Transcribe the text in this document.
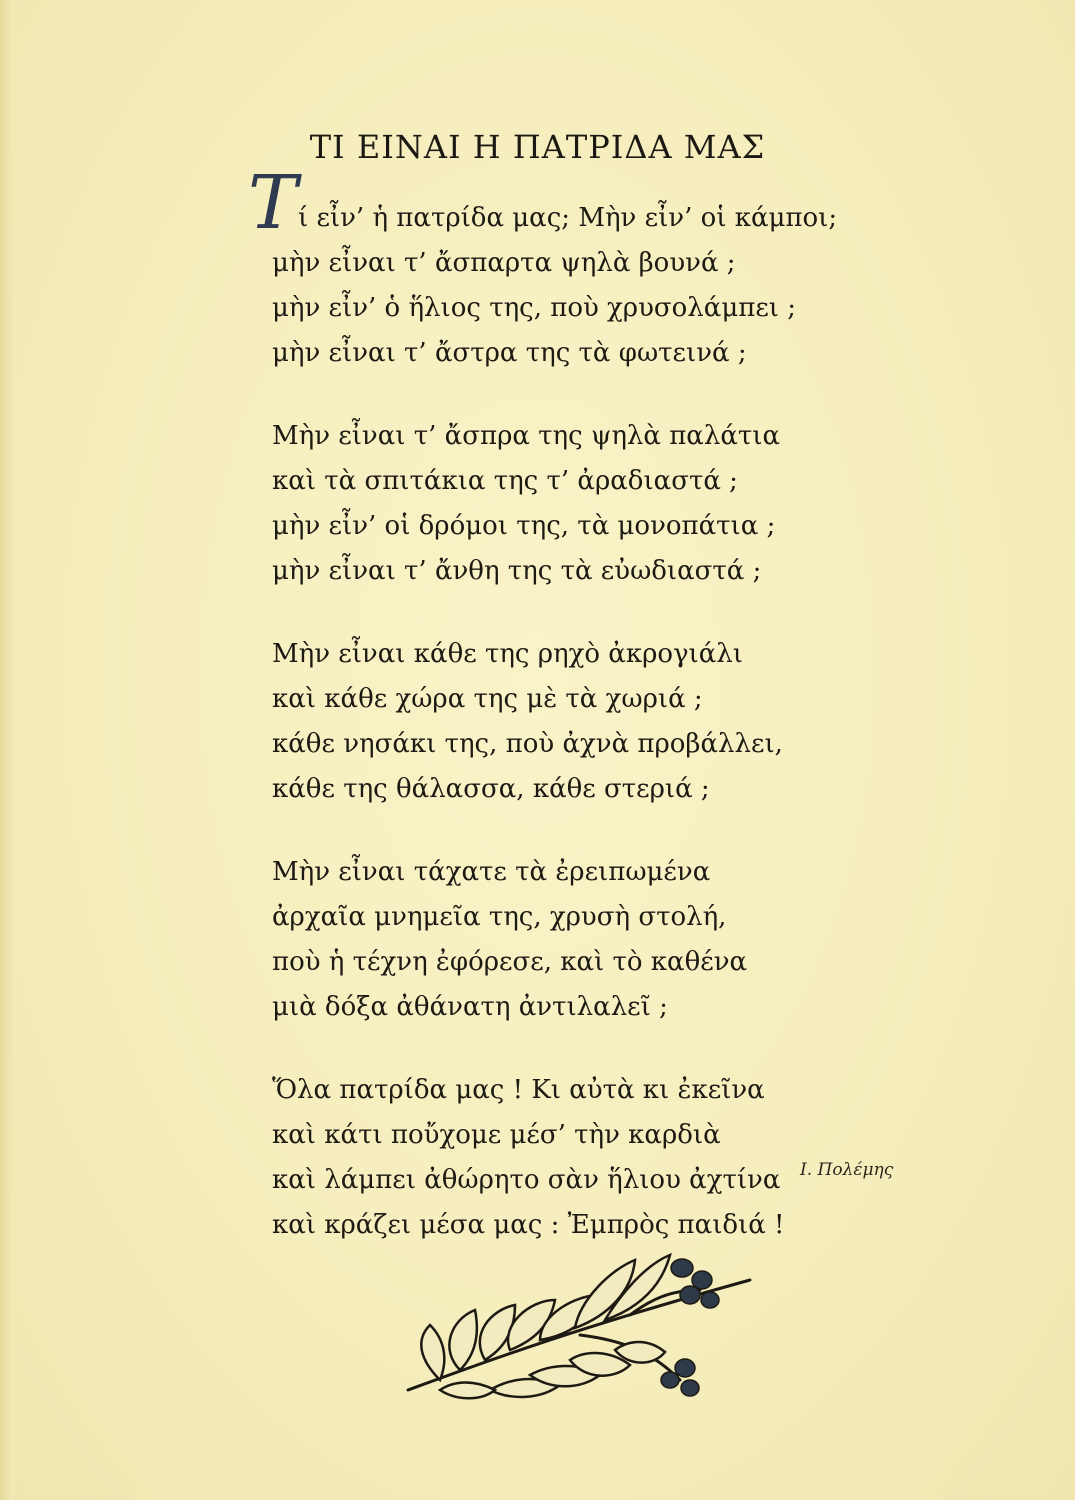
ΤΙ ΕΙΝΑΙ Η ΠΑΤΡΙΔΑ ΜΑΣ
Τ ί εἶν’ ἡ πατρίδα μας; Μὴν εἶν’ οἱ κάμποι;
μὴν εἶναι τ’ ἄσπαρτα ψηλὰ βουνά ;
μὴν εἶν’ ὁ ἥλιος της, ποὺ χρυσολάμπει ;
μὴν εἶναι τ’ ἄστρα της τὰ φωτεινά ;
Μὴν εἶναι τ’ ἄσπρα της ψηλὰ παλάτια
καὶ τὰ σπιτάκια της τ’ ἀραδιαστά ;
μὴν εἶν’ οἱ δρόμοι της, τὰ μονοπάτια ;
μὴν εἶναι τ’ ἄνθη της τὰ εὐωδιαστά ;
Μὴν εἶναι κάθε της ρηχὸ ἀκρογιάλι
καὶ κάθε χώρα της μὲ τὰ χωριά ;
κάθε νησάκι της, ποὺ ἀχνὰ προβάλλει,
κάθε της θάλασσα, κάθε στεριά ;
Μὴν εἶναι τάχατε τὰ ἐρειπωμένα
ἀρχαῖα μνημεῖα της, χρυσὴ στολή,
ποὺ ἡ τέχνη ἐφόρεσε, καὶ τὸ καθένα
μιὰ δόξα ἀθάνατη ἀντιλαλεῖ ;
Ὅλα πατρίδα μας ! Κι αὐτὰ κι ἐκεῖνα
καὶ κάτι ποὔχομε μέσ’ τὴν καρδιὰ
καὶ λάμπει ἀθώρητο σὰν ἥλιου ἀχτίνα
καὶ κράζει μέσα μας : Ἐμπρὸς παιδιά !
Ι. Πολέμης
